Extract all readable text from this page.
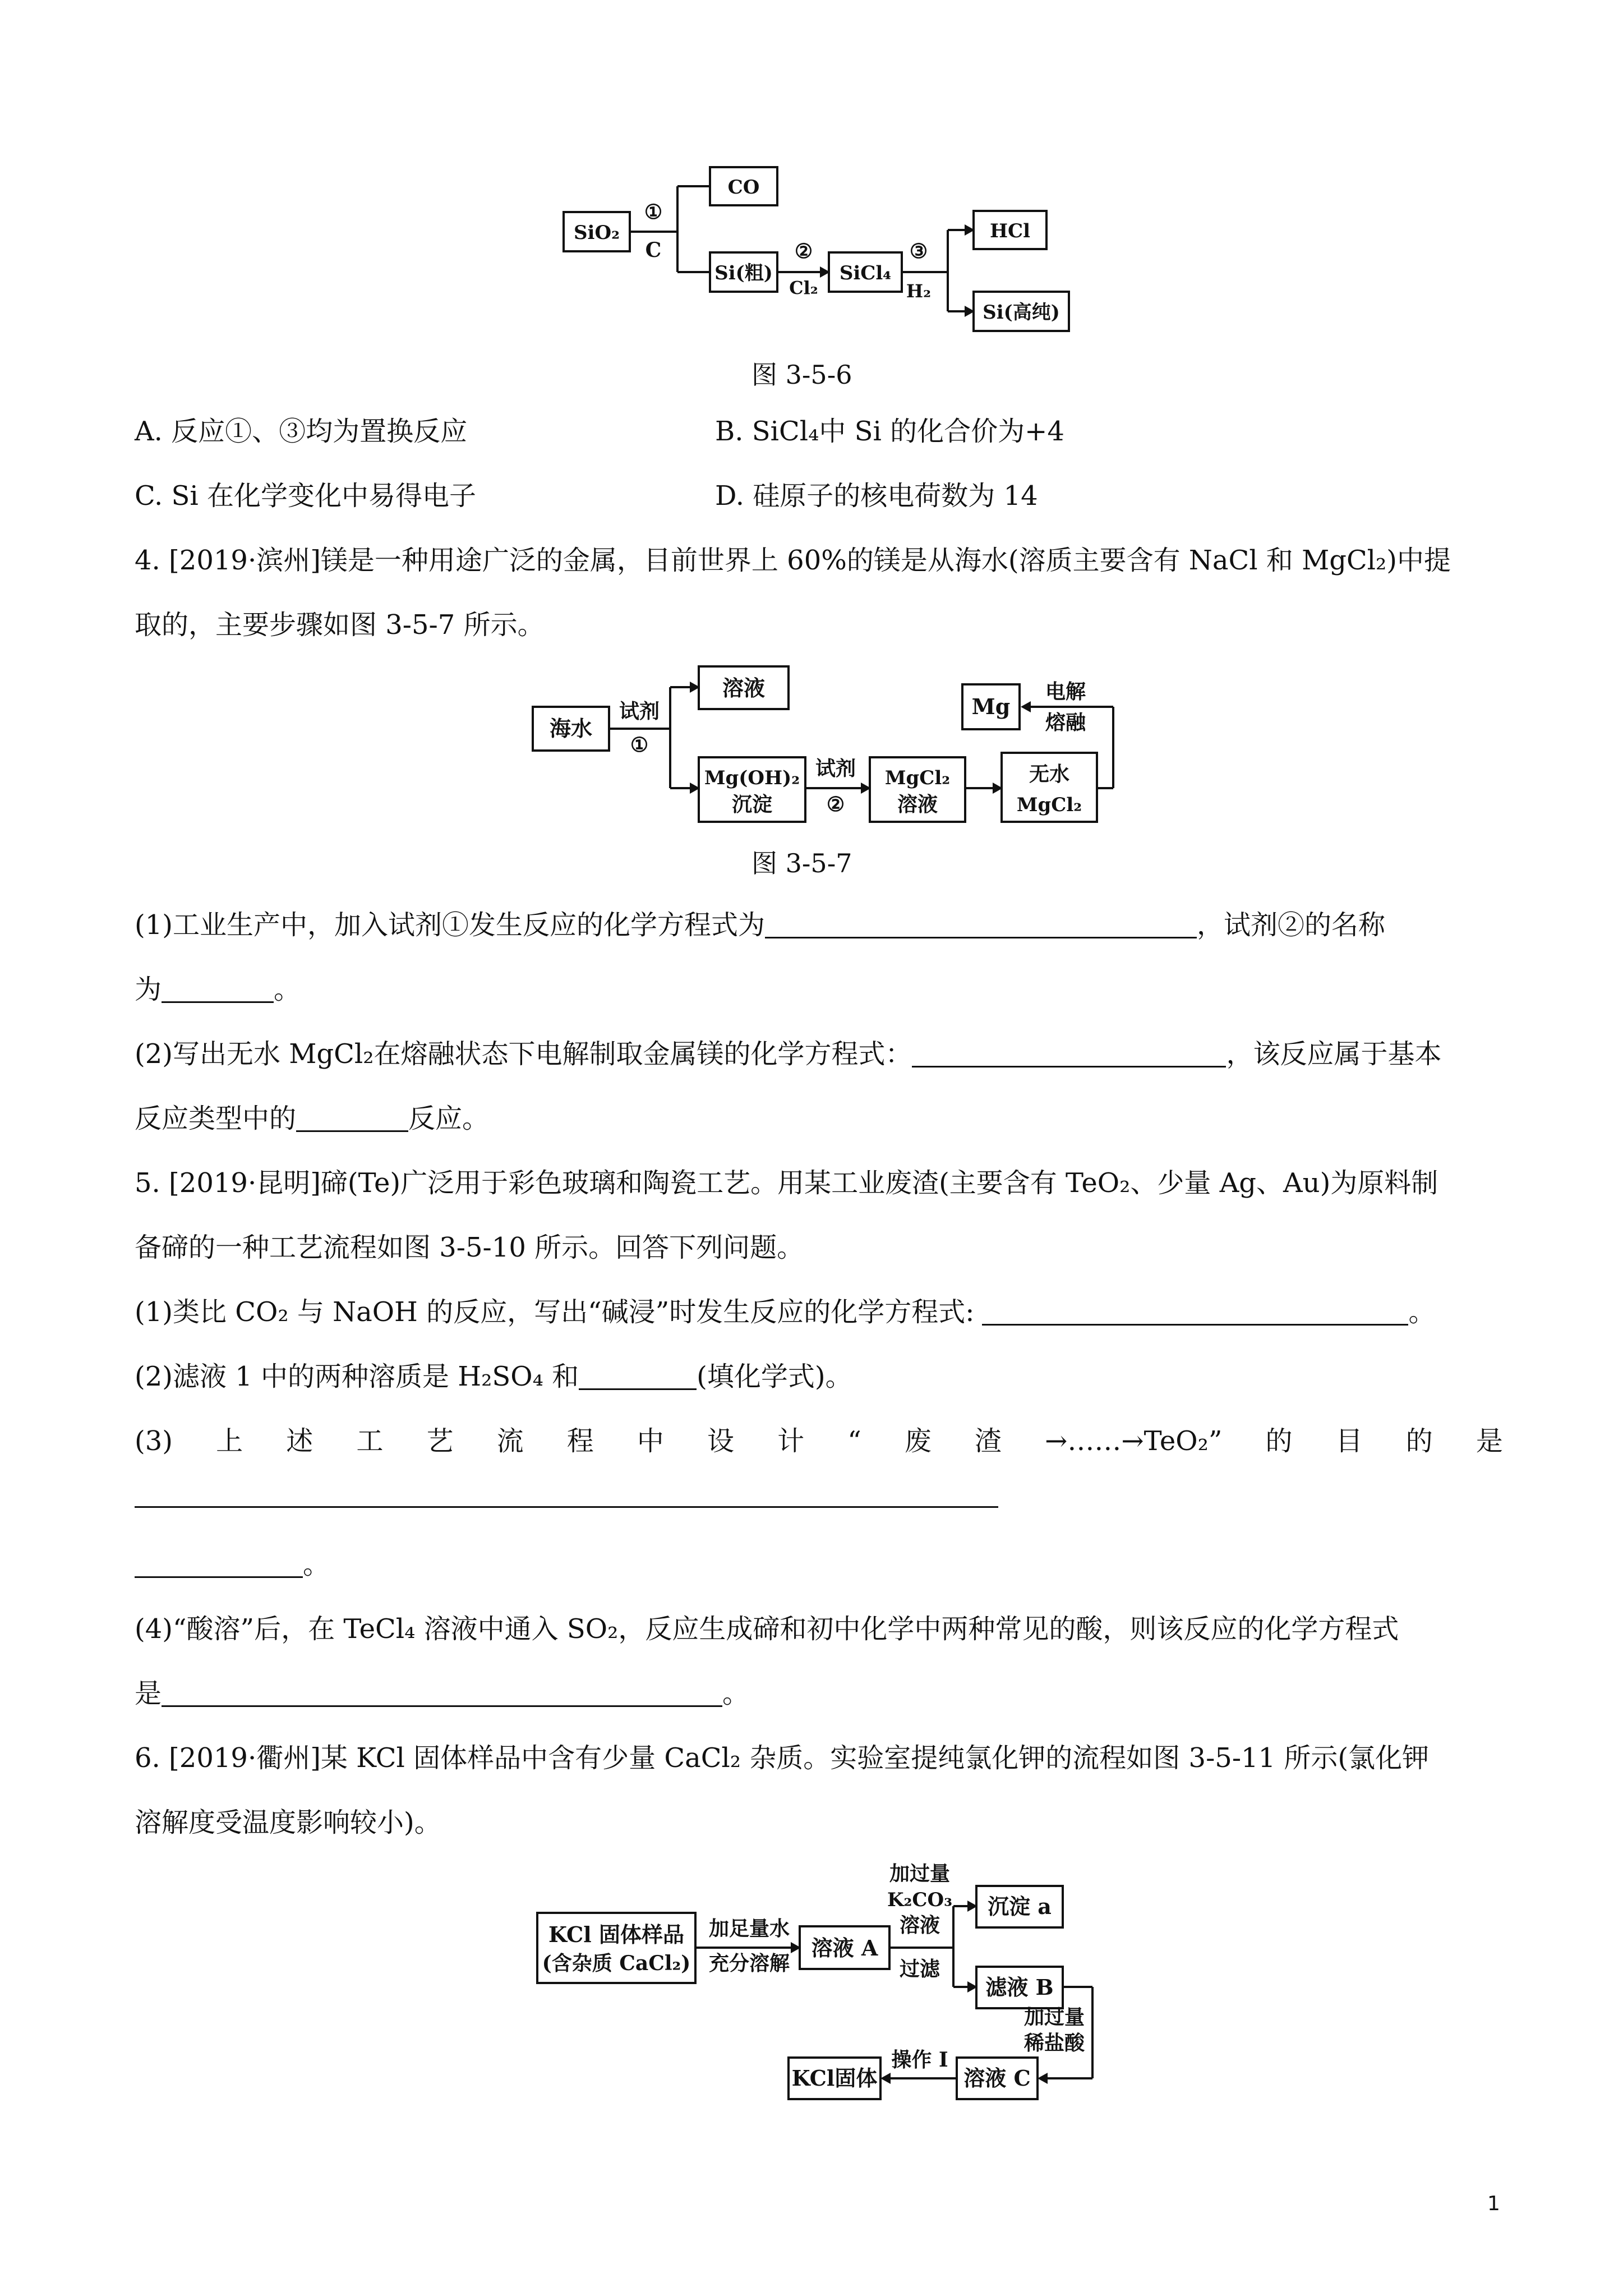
SiO₂
①
C
CO
Si(粗)
②
Cl₂
SiCl₄
③
H₂
HCl
Si(高纯)
图 3-5-6
A. 反应①、③均为置换反应	B. SiCl₄中 Si 的化合价为+4
C. Si 在化学变化中易得电子	D. 硅原子的核电荷数为 14
4. [2019·滨州]镁是一种用途广泛的金属，目前世界上 60%的镁是从海水(溶质主要含有 NaCl 和 MgCl₂)中提
取的，主要步骤如图 3-5-7 所示。
海水
试剂
①
溶液
Mg(OH)₂
沉淀
试剂
②
MgCl₂
溶液
无水
MgCl₂
电解
熔融
Mg
图 3-5-7
(1)工业生产中，加入试剂①发生反应的化学方程式为	，试剂②的名称
为	。
(2)写出无水 MgCl₂在熔融状态下电解制取金属镁的化学方程式：	，该反应属于基本
反应类型中的	反应。
5. [2019·昆明]碲(Te)广泛用于彩色玻璃和陶瓷工艺。用某工业废渣(主要含有 TeO₂、少量 Ag、Au)为原料制
备碲的一种工艺流程如图 3-5-10 所示。回答下列问题。
(1)类比 CO₂ 与 NaOH 的反应，写出“碱浸”时发生反应的化学方程式:	。
(2)滤液 1 中的两种溶质是 H₂SO₄ 和	(填化学式)。
(3) 上 述 工 艺 流 程 中 设 计 “ 废 渣 →……→TeO₂” 的 目 的 是
。
(4)“酸溶”后，在 TeCl₄ 溶液中通入 SO₂，反应生成碲和初中化学中两种常见的酸，则该反应的化学方程式
是	。
6. [2019·衢州]某 KCl 固体样品中含有少量 CaCl₂ 杂质。实验室提纯氯化钾的流程如图 3-5-11 所示(氯化钾
溶解度受温度影响较小)。
KCl 固体样品
(含杂质 CaCl₂)
加足量水
充分溶解
溶液 A
加过量
K₂CO₃
溶液
过滤
沉淀 a
滤液 B
加过量
稀盐酸
溶液 C
操作 Ⅰ
KCl固体
1
